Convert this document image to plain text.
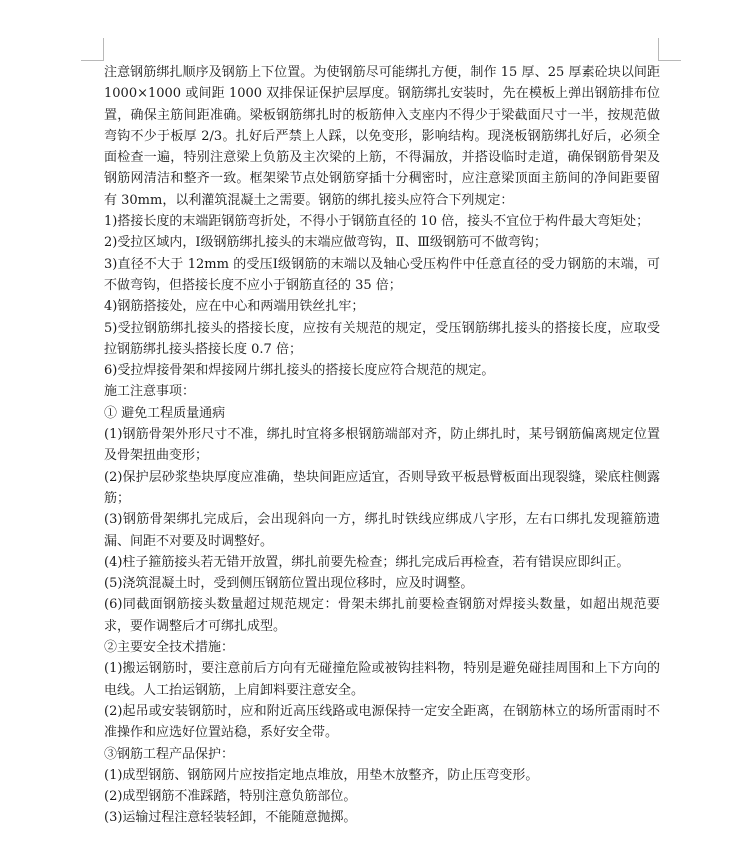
注意钢筋绑扎顺序及钢筋上下位置。为使钢筋尽可能绑扎方便，制作 15 厚、25 厚素砼块以间距 1000×1000 或间距 1000 双排保证保护层厚度。钢筋绑扎安装时，先在模板上弹出钢筋排布位置，确保主筋间距准确。梁板钢筋绑扎时的板筋伸入支座内不得少于梁截面尺寸一半，按规范做弯钩不少于板厚 2/3。扎好后严禁上人踩，以免变形，影响结构。现浇板钢筋绑扎好后，必须全面检查一遍，特别注意梁上负筋及主次梁的上筋，不得漏放，并搭设临时走道，确保钢筋骨架及钢筋网清洁和整齐一致。框架梁节点处钢筋穿插十分稠密时，应注意梁顶面主筋间的净间距要留有 30mm，以利灌筑混凝土之需要。钢筋的绑扎接头应符合下列规定：

1)搭接长度的末端距钢筋弯折处，不得小于钢筋直径的 10 倍，接头不宜位于构件最大弯矩处；

2)受拉区域内，Ⅰ级钢筋绑扎接头的末端应做弯钩，Ⅱ、Ⅲ级钢筋可不做弯钩；

3)直径不大于 12mm 的受压Ⅰ级钢筋的末端以及轴心受压构件中任意直径的受力钢筋的末端，可不做弯钩，但搭接长度不应小于钢筋直径的 35 倍；

4)钢筋搭接处，应在中心和两端用铁丝扎牢；

5)受拉钢筋绑扎接头的搭接长度，应按有关规范的规定，受压钢筋绑扎接头的搭接长度，应取受拉钢筋绑扎接头搭接长度 0.7 倍；

6)受拉焊接骨架和焊接网片绑扎接头的搭接长度应符合规范的规定。

施工注意事项：

① 避免工程质量通病

(1)钢筋骨架外形尺寸不准，绑扎时宜将多根钢筋端部对齐，防止绑扎时，某号钢筋偏离规定位置及骨架扭曲变形；

(2)保护层砂浆垫块厚度应准确，垫块间距应适宜，否则导致平板悬臂板面出现裂缝，梁底柱侧露筋；

(3)钢筋骨架绑扎完成后，会出现斜向一方，绑扎时铁线应绑成八字形，左右口绑扎发现箍筋遗漏、间距不对要及时调整好。

(4)柱子箍筋接头若无错开放置，绑扎前要先检查；绑扎完成后再检查，若有错误应即纠正。

(5)浇筑混凝土时，受到侧压钢筋位置出现位移时，应及时调整。

(6)同截面钢筋接头数量超过规范规定：骨架未绑扎前要检查钢筋对焊接头数量，如超出规范要求，要作调整后才可绑扎成型。

②主要安全技术措施：

(1)搬运钢筋时，要注意前后方向有无碰撞危险或被钩挂料物，特别是避免碰挂周围和上下方向的电线。人工抬运钢筋，上肩卸料要注意安全。

(2)起吊或安装钢筋时，应和附近高压线路或电源保持一定安全距离，在钢筋林立的场所雷雨时不准操作和应选好位置站稳，系好安全带。

③钢筋工程产品保护：

(1)成型钢筋、钢筋网片应按指定地点堆放，用垫木放整齐，防止压弯变形。

(2)成型钢筋不准踩踏，特别注意负筋部位。

(3)运输过程注意轻装轻卸，不能随意抛掷。
